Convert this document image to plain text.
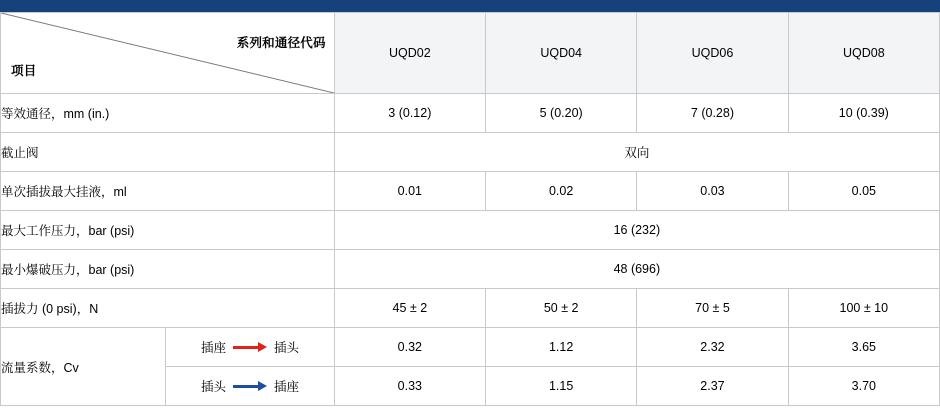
系列和通径代码
项目		UQD02	UQD04	UQD06	UQD08
等效通径，mm (in.)		3 (0.12)	5 (0.20)	7 (0.28)	10 (0.39)
截止阀		双向			
单次插拔最大挂液，ml		0.01	0.02	0.03	0.05
最大工作压力，bar (psi)		16 (232)			
最小爆破压力，bar (psi)		48 (696)			
插拔力 (0 psi)，N		45 ± 2	50 ± 2	70 ± 5	100 ± 10
流量系数，Cv	插座 插头	0.32	1.12	2.32	3.65

	插头 插座	0.33	1.15	2.37	3.70
